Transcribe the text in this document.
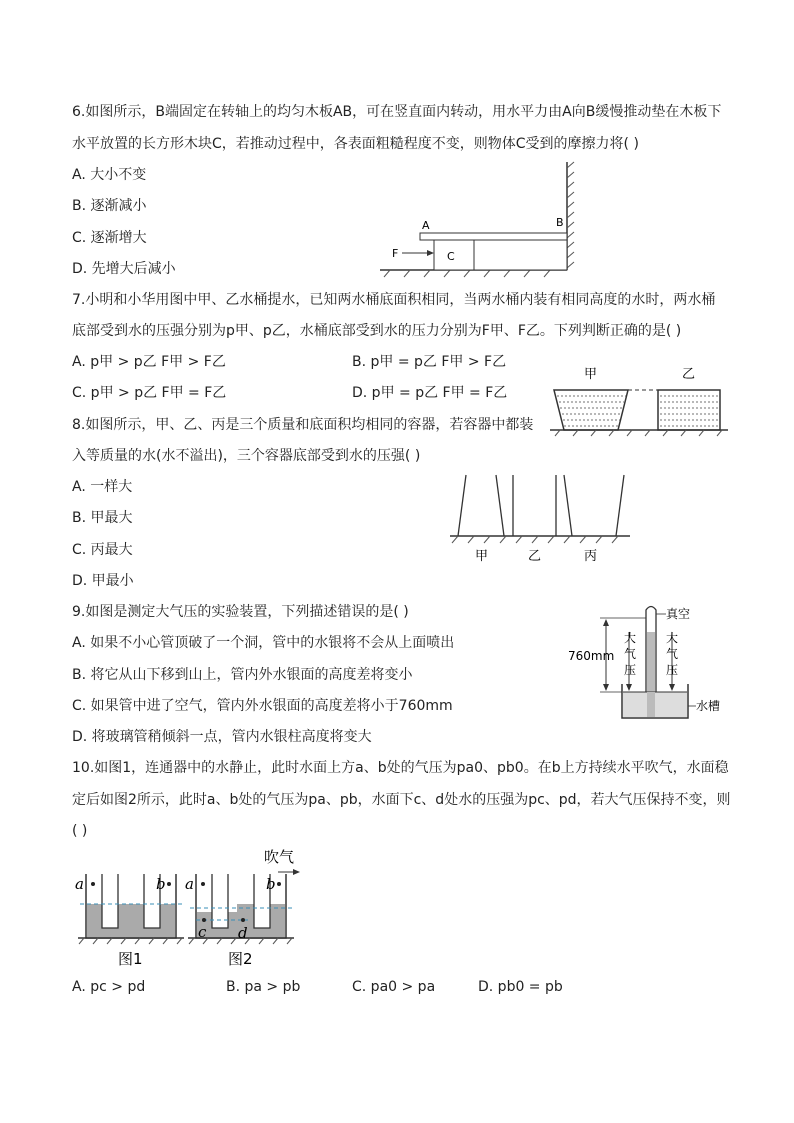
6.如图所示，B端固定在转轴上的均匀木板AB，可在竖直面内转动，用水平力由A向B缓慢推动垫在木板下
水平放置的长方形木块C，若推动过程中，各表面粗糙程度不变，则物体C受到的摩擦力将( )
A. 大小不变
B. 逐渐减小
C. 逐渐增大
D. 先增大后减小
A	B
F	C
7.小明和小华用图中甲、乙水桶提水，已知两水桶底面积相同，当两水桶内装有相同高度的水时，两水桶
底部受到水的压强分别为p甲、p乙，水桶底部受到水的压力分别为F甲、F乙。下列判断正确的是( )
A. p甲 > p乙 F甲 > F乙	B. p甲 = p乙 F甲 > F乙
C. p甲 > p乙 F甲 = F乙	D. p甲 = p乙 F甲 = F乙
甲	乙
8.如图所示，甲、乙、丙是三个质量和底面积均相同的容器，若容器中都装
入等质量的水(水不溢出)，三个容器底部受到水的压强( )
A. 一样大
B. 甲最大
C. 丙最大
D. 甲最小
甲	乙	丙
9.如图是测定大气压的实验装置，下列描述错误的是( )
A. 如果不小心管顶破了一个洞，管中的水银将不会从上面喷出
B. 将它从山下移到山上，管内外水银面的高度差将变小
C. 如果管中进了空气，管内外水银面的高度差将小于760mm
D. 将玻璃管稍倾斜一点，管内水银柱高度将变大
760mm
大
气
压
大
气
压
真空
水槽
10.如图1，连通器中的水静止，此时水面上方a、b处的气压为pa0、pb0。在b上方持续水平吹气，水面稳
定后如图2所示，此时a、b处的气压为pa、pb，水面下c、d处水的压强为pc、pd，若大气压保持不变，则
( )
a	b
图1
a	b
c d
吹气
图2
A. pc > pd	B. pa > pb	C. pa0 > pa	D. pb0 = pb
